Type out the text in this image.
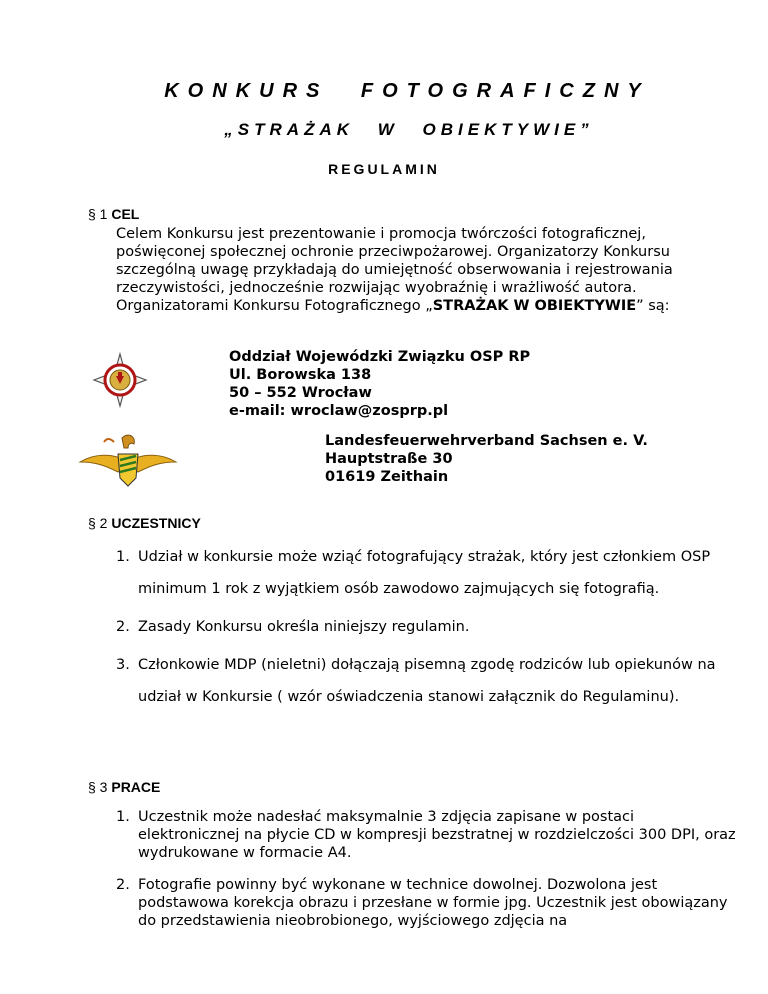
KONKURS FOTOGRAFICZNY
„STRAŻAK W OBIEKTYWIE”
REGULAMIN
§ 1 CEL
Celem Konkursu jest prezentowanie i promocja twórczości fotograficznej, poświęconej społecznej ochronie przeciwpożarowej. Organizatorzy Konkursu szczególną uwagę przykładają do umiejętność obserwowania i rejestrowania rzeczywistości, jednocześnie rozwijając wyobraźnię i wrażliwość autora. Organizatorami Konkursu Fotograficznego „STRAŻAK W OBIEKTYWIE” są:
Oddział Wojewódzki Związku OSP RP
Ul. Borowska 138
50 – 552 Wrocław
e-mail: wroclaw@zosprp.pl
Landesfeuerwehrverband Sachsen e. V.
Hauptstraße 30
01619 Zeithain
§ 2 UCZESTNICY
1. Udział w konkursie może wziąć fotografujący strażak, który jest członkiem OSP minimum 1 rok z wyjątkiem osób zawodowo zajmujących się fotografią.
2. Zasady Konkursu określa niniejszy regulamin.
3. Członkowie MDP (nieletni) dołączają pisemną zgodę rodziców lub opiekunów na udział w Konkursie ( wzór oświadczenia stanowi załącznik do Regulaminu).
§ 3 PRACE
1. Uczestnik może nadesłać maksymalnie 3 zdjęcia zapisane w postaci elektronicznej na płycie CD w kompresji bezstratnej w rozdzielczości 300 DPI, oraz wydrukowane w formacie A4.
2. Fotografie powinny być wykonane w technice dowolnej. Dozwolona jest podstawowa korekcja obrazu i przesłane w formie jpg. Uczestnik jest obowiązany do przedstawienia nieobrobionego, wyjściowego zdjęcia na
